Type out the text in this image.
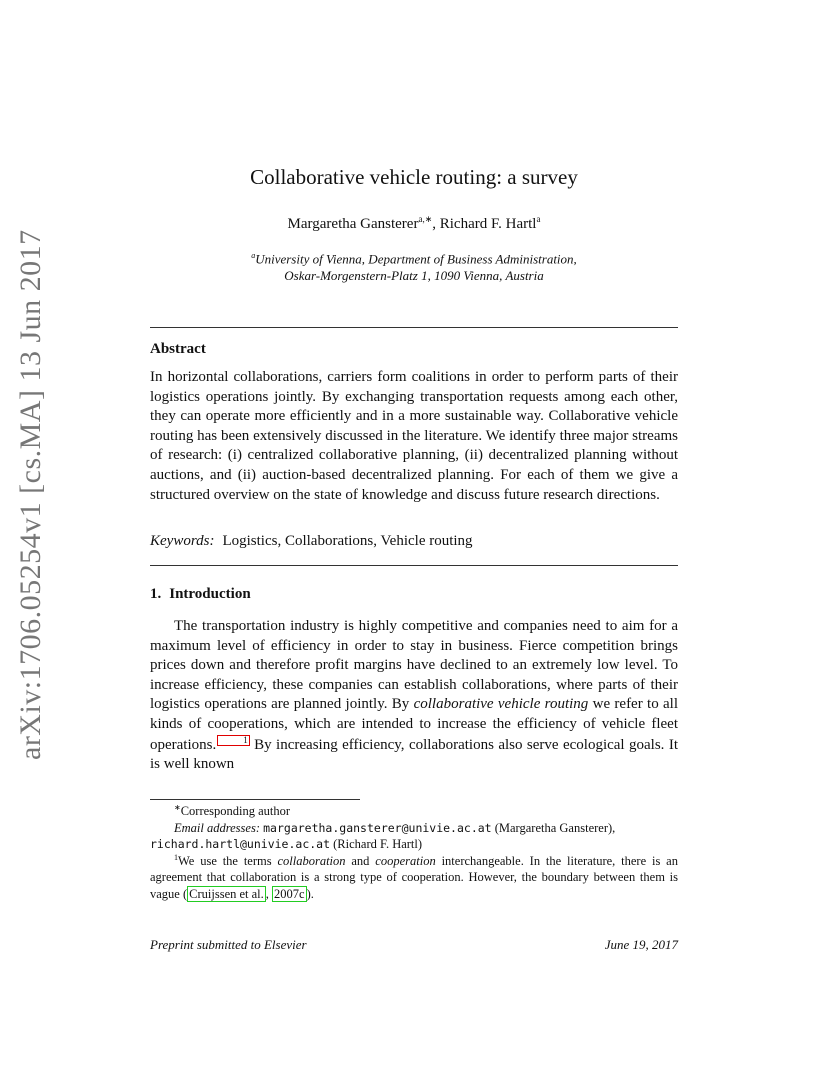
arXiv:1706.05254v1 [cs.MA] 13 Jun 2017
Collaborative vehicle routing: a survey
Margaretha Gansterer$^{a,∗}$, Richard F. Hartl$^a$
$^a$University of Vienna, Department of Business Administration,
Oskar-Morgenstern-Platz 1, 1090 Vienna, Austria
Abstract
In horizontal collaborations, carriers form coalitions in order to perform parts of their logistics operations jointly. By exchanging transportation requests among each other, they can operate more efficiently and in a more sustainable way. Collaborative vehicle routing has been extensively discussed in the literature. We identify three major streams of research: (i) centralized collaborative planning, (ii) decentralized planning without auctions, and (ii) auction-based decentralized planning. For each of them we give a structured overview on the state of knowledge and discuss future research directions.
Keywords: Logistics, Collaborations, Vehicle routing
1. Introduction
The transportation industry is highly competitive and companies need to aim for a maximum level of efficiency in order to stay in business. Fierce competition brings prices down and therefore profit margins have declined to an extremely low level. To increase efficiency, these companies can establish collaborations, where parts of their logistics operations are planned jointly. By collaborative vehicle routing we refer to all kinds of cooperations, which are intended to increase the efficiency of vehicle fleet operations.	1 By increasing efficiency, collaborations also serve ecological goals. It is well known
∗Corresponding author
Email addresses: margaretha.gansterer@univie.ac.at (Margaretha Gansterer),
richard.hartl@univie.ac.at (Richard F. Hartl)
$^1$We use the terms collaboration and cooperation interchangeable. In the literature, there is an agreement that collaboration is a strong type of cooperation. However, the boundary between them is vague ( Cruijssen et al. , 2007c ).
Preprint submitted to Elsevier	June 19, 2017
